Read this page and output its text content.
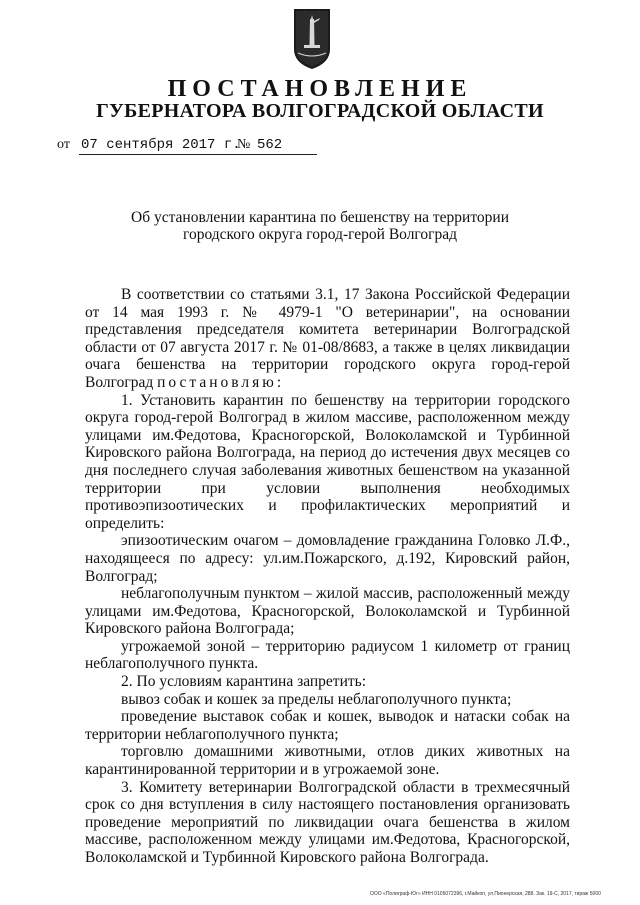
ПОСТАНОВЛЕНИЕ
ГУБЕРНАТОРА ВОЛГОГРАДСКОЙ ОБЛАСТИ
от 07 сентября 2017 г.
№ 562
Об установлении карантина по бешенству на территории
городского округа город-герой Волгоград

В соответствии со статьями 3.1, 17 Закона Российской Федерации от 14 мая 1993 г. № 4979-1 "О ветеринарии", на основании представления председателя комитета ветеринарии Волгоградской области от 07 августа 2017 г. № 01-08/8683, а также в целях ликвидации очага бешенства на территории городского округа город-герой Волгоград постановляю:

1. Установить карантин по бешенству на территории городского округа город-герой Волгоград в жилом массиве, расположенном между улицами им.Федотова, Красногорской, Волоколамской и Турбинной Кировского района Волгограда, на период до истечения двух месяцев со дня последнего случая заболевания животных бешенством на указанной территории при условии выполнения необходимых противоэпизоотических и профилактических мероприятий и определить:

эпизоотическим очагом – домовладение гражданина Головко Л.Ф., находящееся по адресу: ул.им.Пожарского, д.192, Кировский район, Волгоград;

неблагополучным пунктом – жилой массив, расположенный между улицами им.Федотова, Красногорской, Волоколамской и Турбинной Кировского района Волгограда;

угрожаемой зоной – территорию радиусом 1 километр от границ неблагополучного пункта.

2. По условиям карантина запретить:

вывоз собак и кошек за пределы неблагополучного пункта;

проведение выставок собак и кошек, выводок и натаски собак на территории неблагополучного пункта;

торговлю домашними животными, отлов диких животных на карантинированной территории и в угрожаемой зоне.

3. Комитету ветеринарии Волгоградской области в трехмесячный срок со дня вступления в силу настоящего постановления организовать проведение мероприятий по ликвидации очага бешенства в жилом массиве, расположенном между улицами им.Федотова, Красногорской, Волоколамской и Турбинной Кировского района Волгограда.

ООО «Полиграф-Юг» ИНН 0105072396, г.Майкоп, ул.Пионерская, 288. Зак. 19-С, 2017, тираж 5000
